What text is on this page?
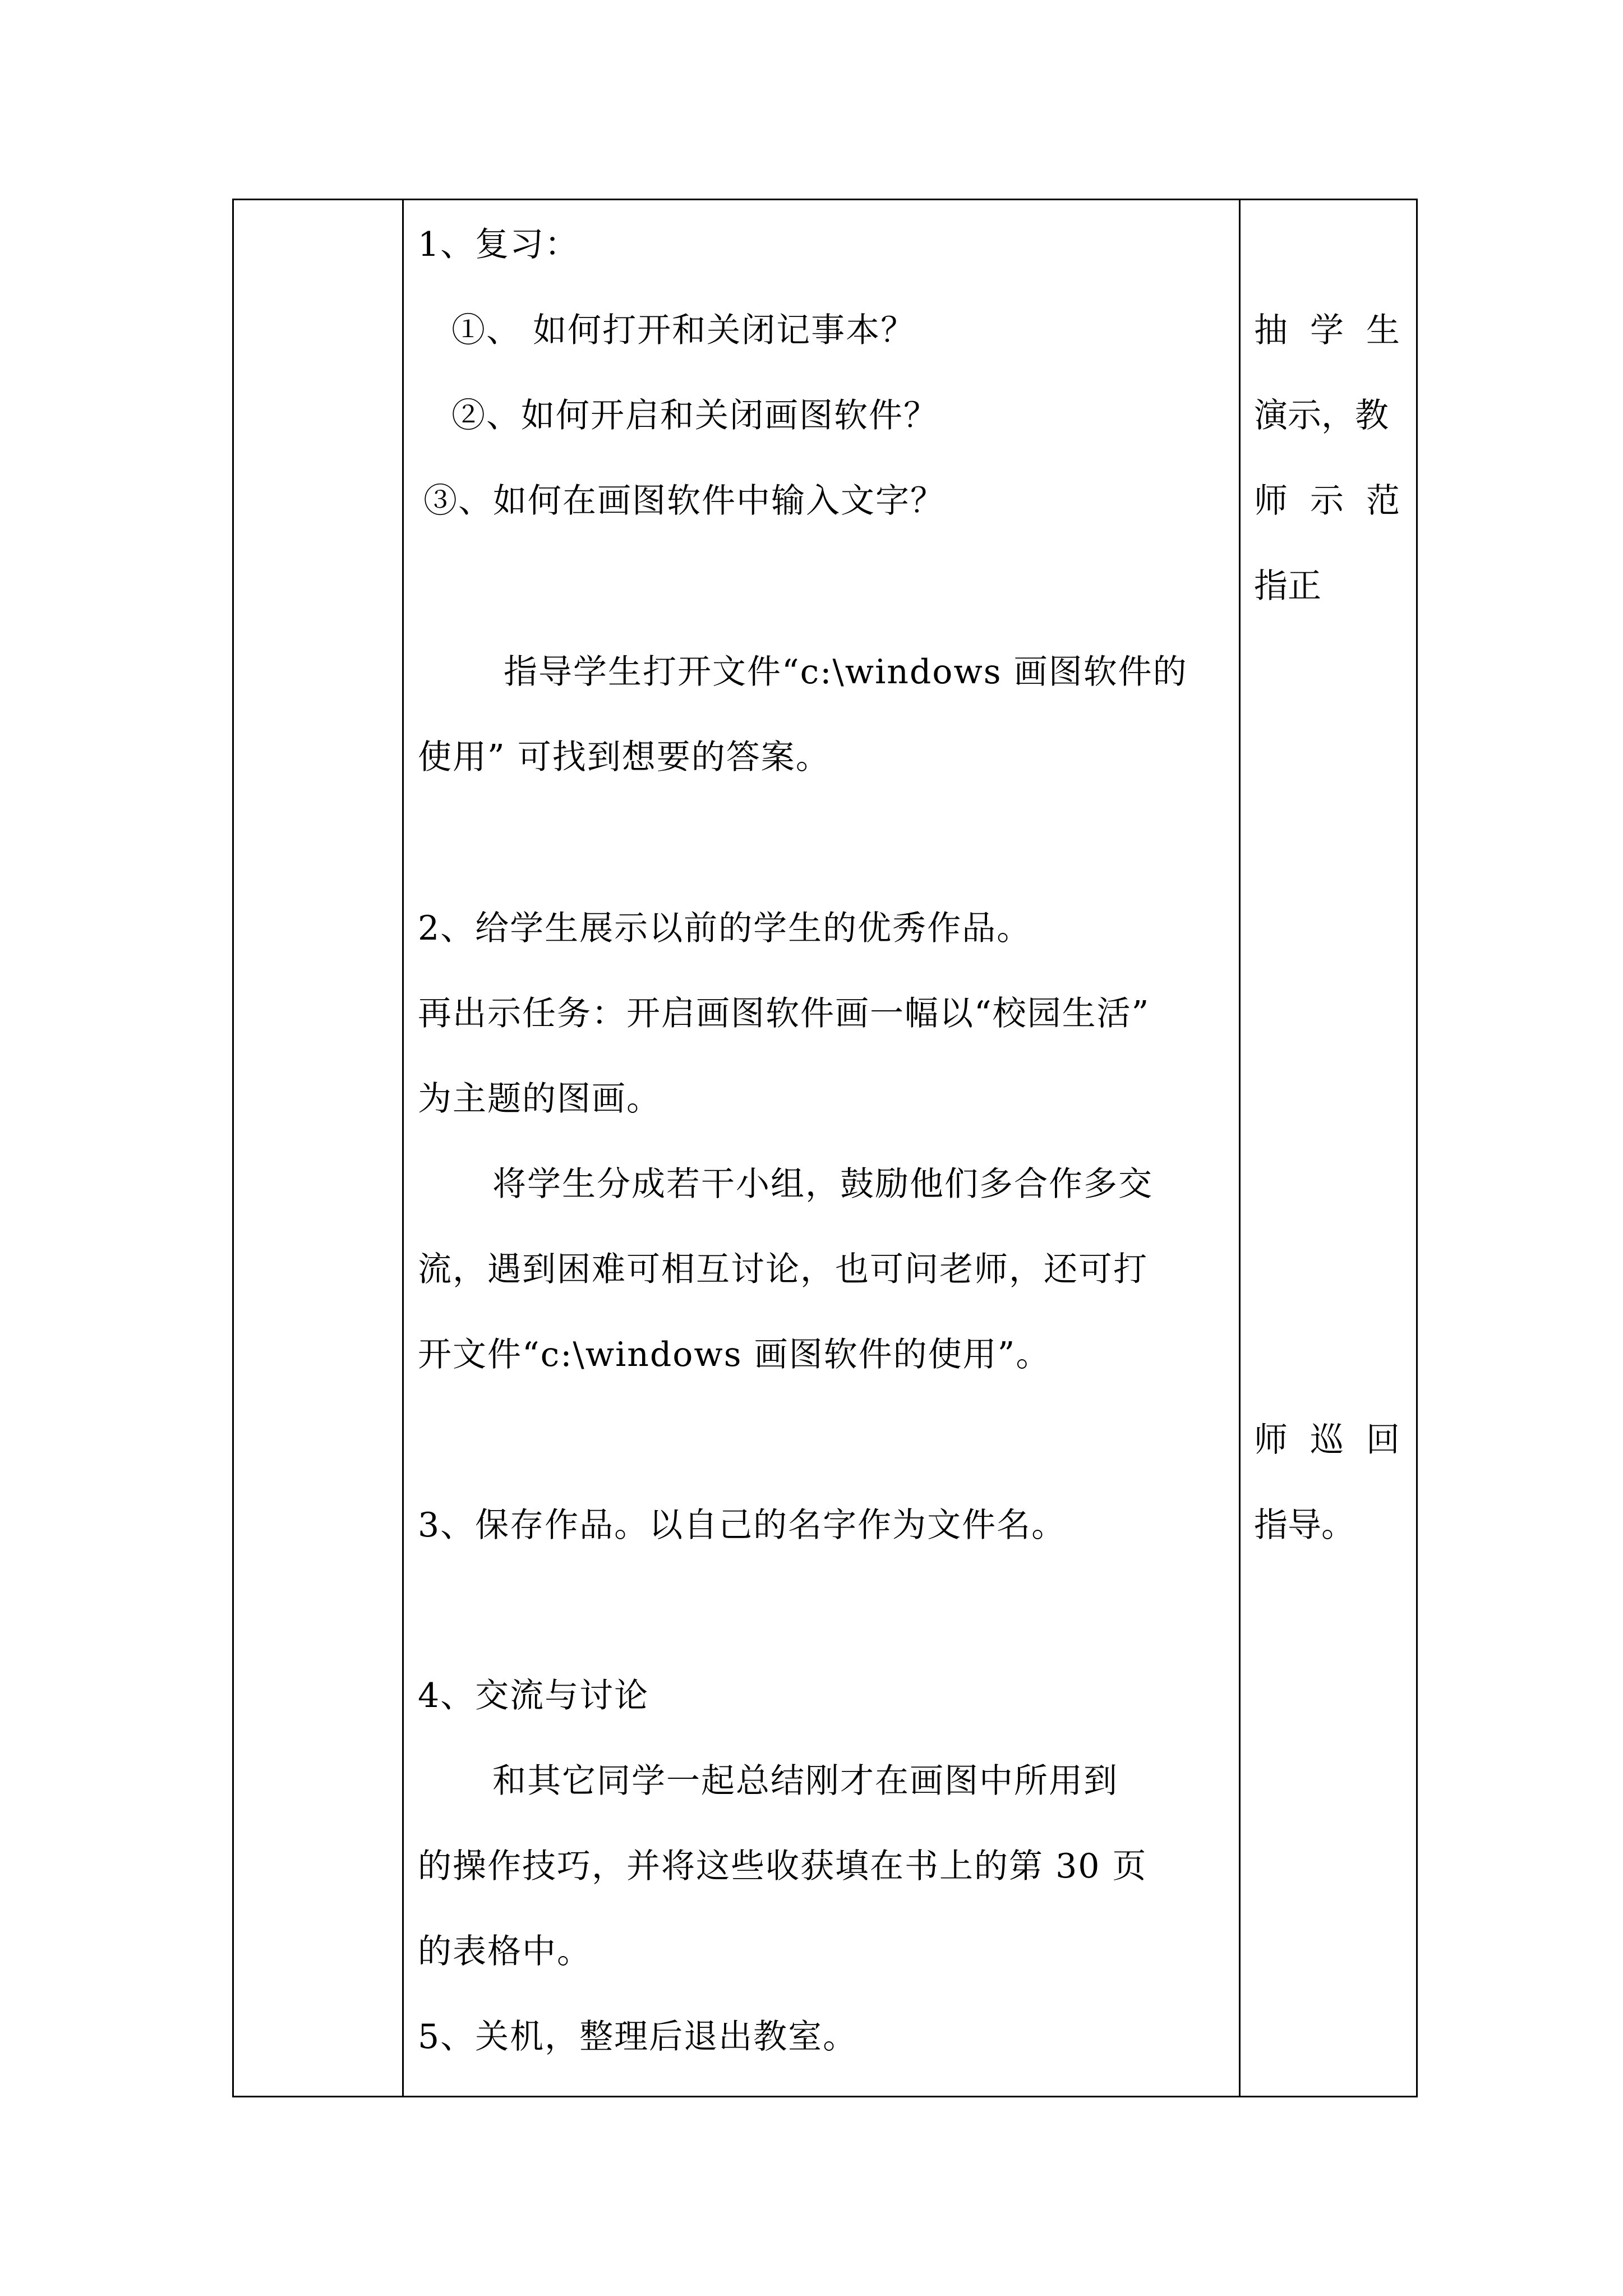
1、复习：
①、 如何打开和关闭记事本？
②、如何开启和关闭画图软件？
③、如何在画图软件中输入文字？
指导学生打开文件“c:\windows 画图软件的
使用” 可找到想要的答案。
2、给学生展示以前的学生的优秀作品。
再出示任务：开启画图软件画一幅以“校园生活”
为主题的图画。
将学生分成若干小组，鼓励他们多合作多交
流，遇到困难可相互讨论，也可问老师，还可打
开文件“c:\windows 画图软件的使用”。
3、保存作品。以自己的名字作为文件名。
4、交流与讨论
和其它同学一起总结刚才在画图中所用到
的操作技巧，并将这些收获填在书上的第 30 页
的表格中。
5、关机，整理后退出教室。
抽学生
演示，教
师示范
指正
师巡回
指导。
